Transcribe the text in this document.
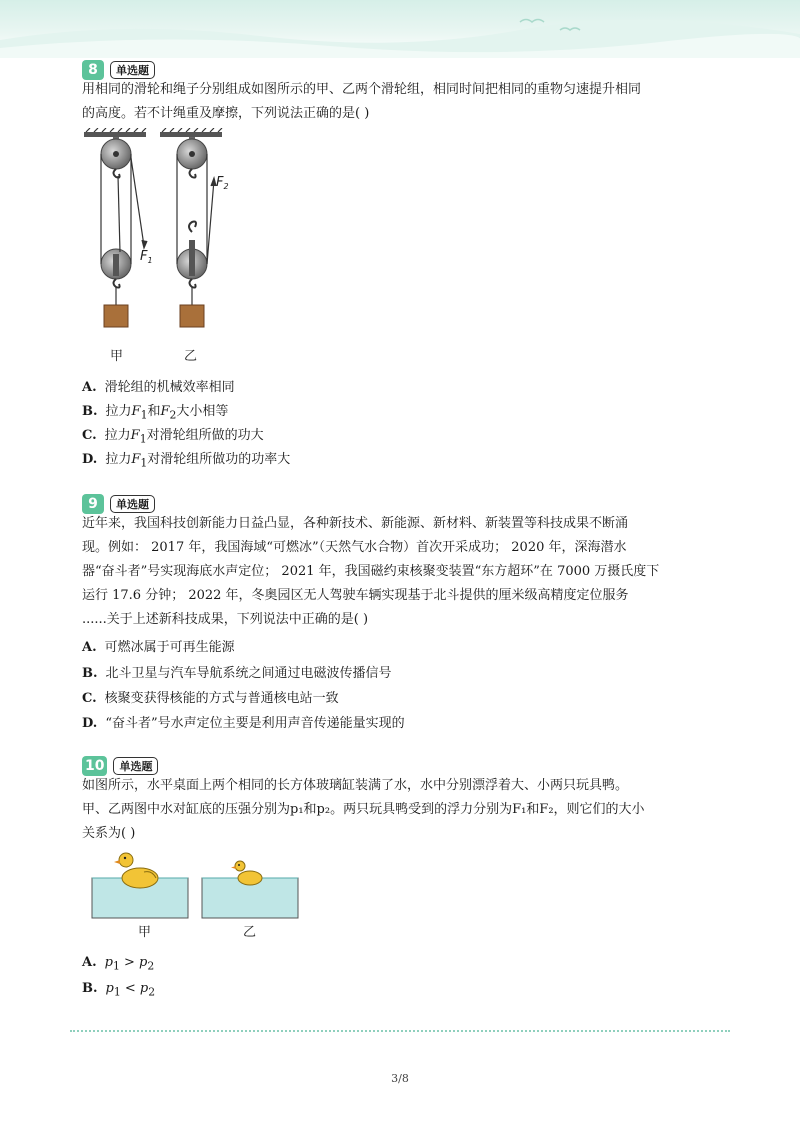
8	单选题
用相同的滑轮和绳子分别组成如图所示的甲、乙两个滑轮组，相同时间把相同的重物匀速提升相同
的高度。若不计绳重及摩擦，下列说法正确的是( )
$F_1$
$F_2$
甲	乙
A. 滑轮组的机械效率相同
B. 拉力$F_1$和$F_2$大小相等
C. 拉力$F_1$对滑轮组所做的功大
D. 拉力$F_1$对滑轮组所做功的功率大
9	单选题
近年来，我国科技创新能力日益凸显，各种新技术、新能源、新材料、新装置等科技成果不断涌
现。例如： 2017 年，我国海域“可燃冰”（天然气水合物）首次开采成功； 2020 年，深海潜水
器“奋斗者”号实现海底水声定位； 2021 年，我国磁约束核聚变装置“东方超环”在 7000 万摄氏度下
运行 17.6 分钟； 2022 年，冬奥园区无人驾驶车辆实现基于北斗提供的厘米级高精度定位服务
......关于上述新科技成果，下列说法中正确的是( )
A. 可燃冰属于可再生能源
B. 北斗卫星与汽车导航系统之间通过电磁波传播信号
C. 核聚变获得核能的方式与普通核电站一致
D. “奋斗者”号水声定位主要是利用声音传递能量实现的
10	单选题
如图所示，水平桌面上两个相同的长方体玻璃缸装满了水，水中分别漂浮着大、小两只玩具鸭。
甲、乙两图中水对缸底的压强分别为p₁和p₂。两只玩具鸭受到的浮力分别为F₁和F₂，则它们的大小
关系为( )
甲	乙
A. $p_1 > p_2$
B. $p_1 < p_2$
3/8
